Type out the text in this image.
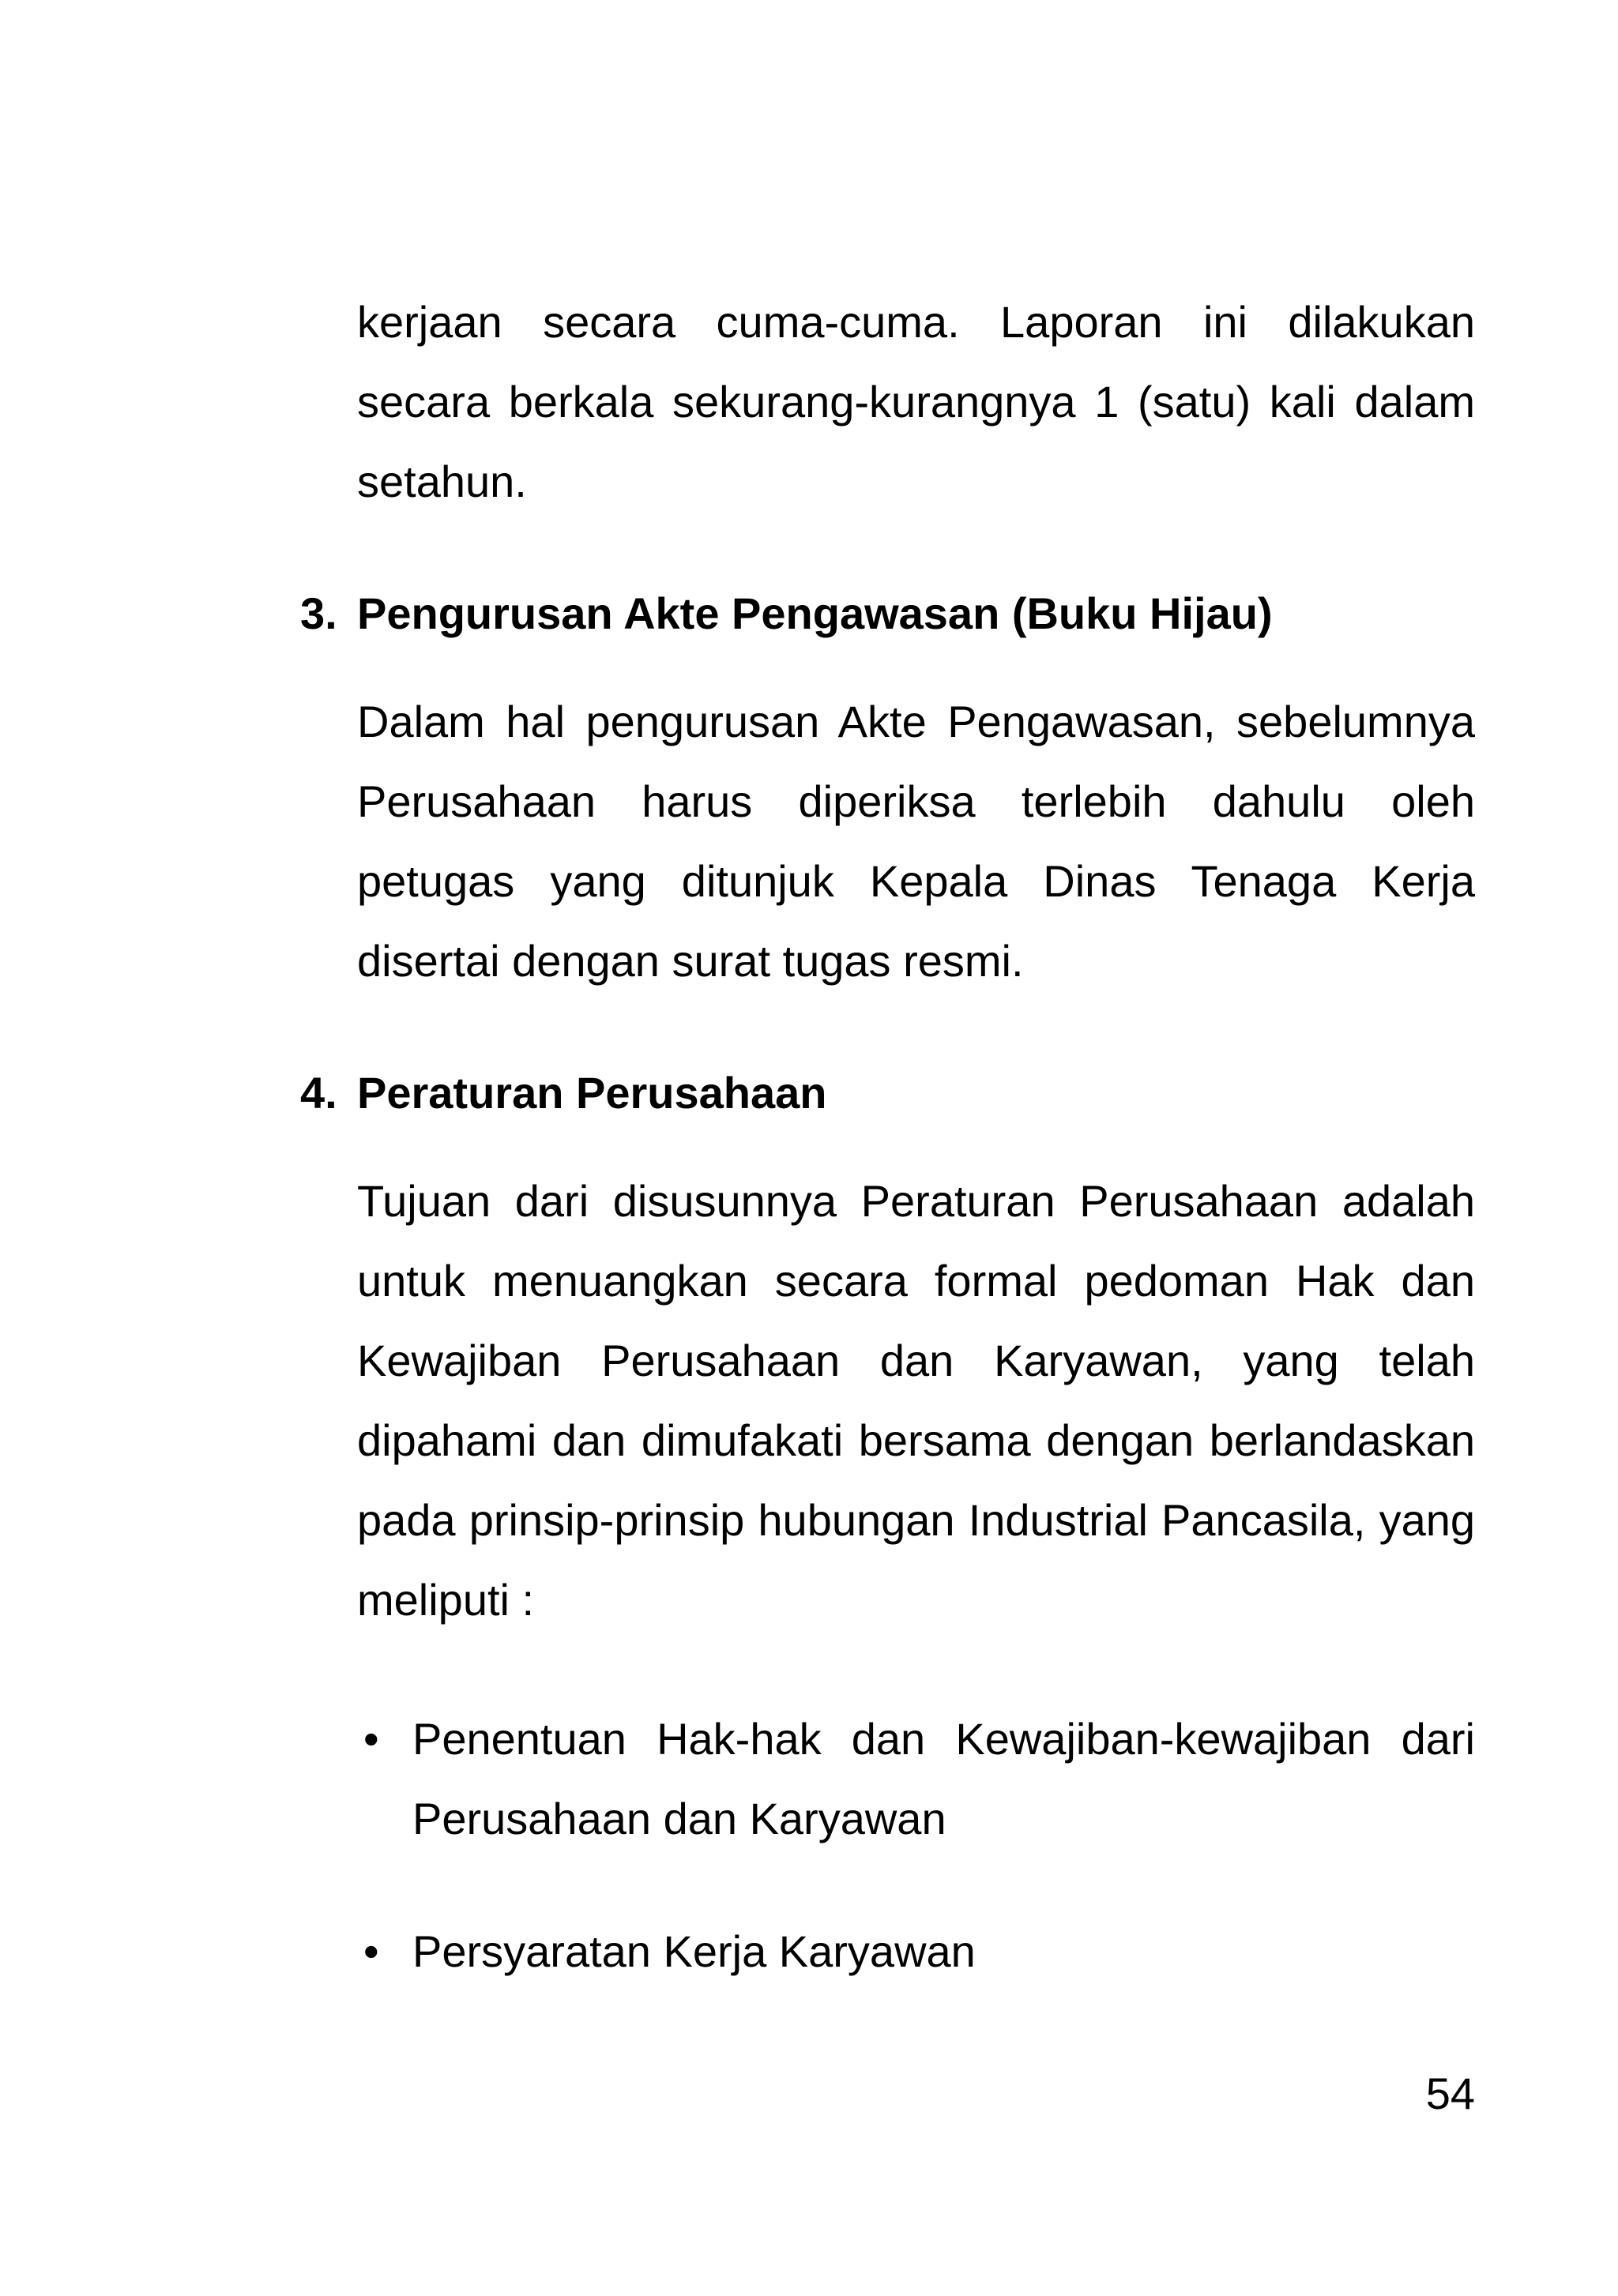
kerjaan secara cuma-cuma. Laporan ini dilakukan secara berkala sekurang-kurangnya 1 (satu) kali dalam setahun.
3. Pengurusan Akte Pengawasan (Buku Hijau)
Dalam hal pengurusan Akte Pengawasan, sebelumnya Perusahaan harus diperiksa terlebih dahulu oleh petugas yang ditunjuk Kepala Dinas Tenaga Kerja disertai dengan surat tugas resmi.
4. Peraturan Perusahaan
Tujuan dari disusunnya Peraturan Perusahaan adalah untuk menuangkan secara formal pedoman Hak dan Kewajiban Perusahaan dan Karyawan, yang telah dipahami dan dimufakati bersama dengan berlandaskan pada prinsip-prinsip hubungan Industrial Pancasila, yang meliputi :
• Penentuan Hak-hak dan Kewajiban-kewajiban dari Perusahaan dan Karyawan
• Persyaratan Kerja Karyawan
54
